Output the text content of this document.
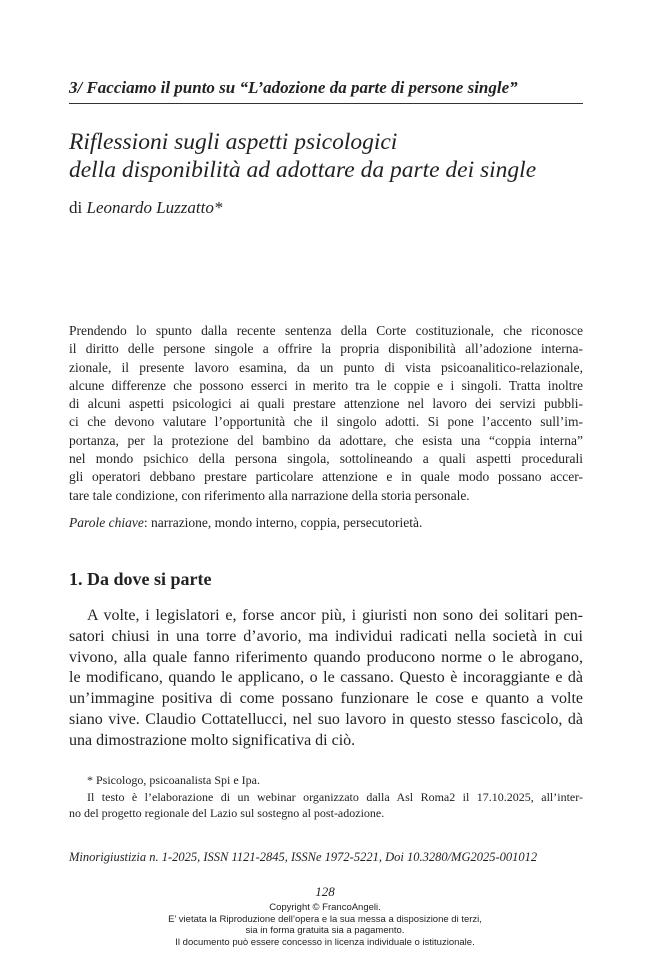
3/ Facciamo il punto su “L’adozione da parte di persone single”
Riflessioni sugli aspetti psicologici
della disponibilità ad adottare da parte dei single
di Leonardo Luzzatto*
Prendendo lo spunto dalla recente sentenza della Corte costituzionale, che riconosce
il diritto delle persone singole a offrire la propria disponibilità all’adozione interna-
zionale, il presente lavoro esamina, da un punto di vista psicoanalitico-relazionale,
alcune differenze che possono esserci in merito tra le coppie e i singoli. Tratta inoltre
di alcuni aspetti psicologici ai quali prestare attenzione nel lavoro dei servizi pubbli-
ci che devono valutare l’opportunità che il singolo adotti. Si pone l’accento sull’im-
portanza, per la protezione del bambino da adottare, che esista una “coppia interna”
nel mondo psichico della persona singola, sottolineando a quali aspetti procedurali
gli operatori debbano prestare particolare attenzione e in quale modo possano accer-
tare tale condizione, con riferimento alla narrazione della storia personale.
Parole chiave: narrazione, mondo interno, coppia, persecutorietà.
1. Da dove si parte
A volte, i legislatori e, forse ancor più, i giuristi non sono dei solitari pen-
satori chiusi in una torre d’avorio, ma individui radicati nella società in cui
vivono, alla quale fanno riferimento quando producono norme o le abrogano,
le modificano, quando le applicano, o le cassano. Questo è incoraggiante e dà
un’immagine positiva di come possano funzionare le cose e quanto a volte
siano vive. Claudio Cottatellucci, nel suo lavoro in questo stesso fascicolo, dà
una dimostrazione molto significativa di ciò.
* Psicologo, psicoanalista Spi e Ipa.
Il testo è l’elaborazione di un webinar organizzato dalla Asl Roma2 il 17.10.2025, all’inter-
no del progetto regionale del Lazio sul sostegno al post-adozione.
Minorigiustizia n. 1-2025, ISSN 1121-2845, ISSNe 1972-5221, Doi 10.3280/MG2025-001012
128
Copyright © FrancoAngeli.
E’ vietata la Riproduzione dell’opera e la sua messa a disposizione di terzi,
sia in forma gratuita sia a pagamento.
Il documento può essere concesso in licenza individuale o istituzionale.
